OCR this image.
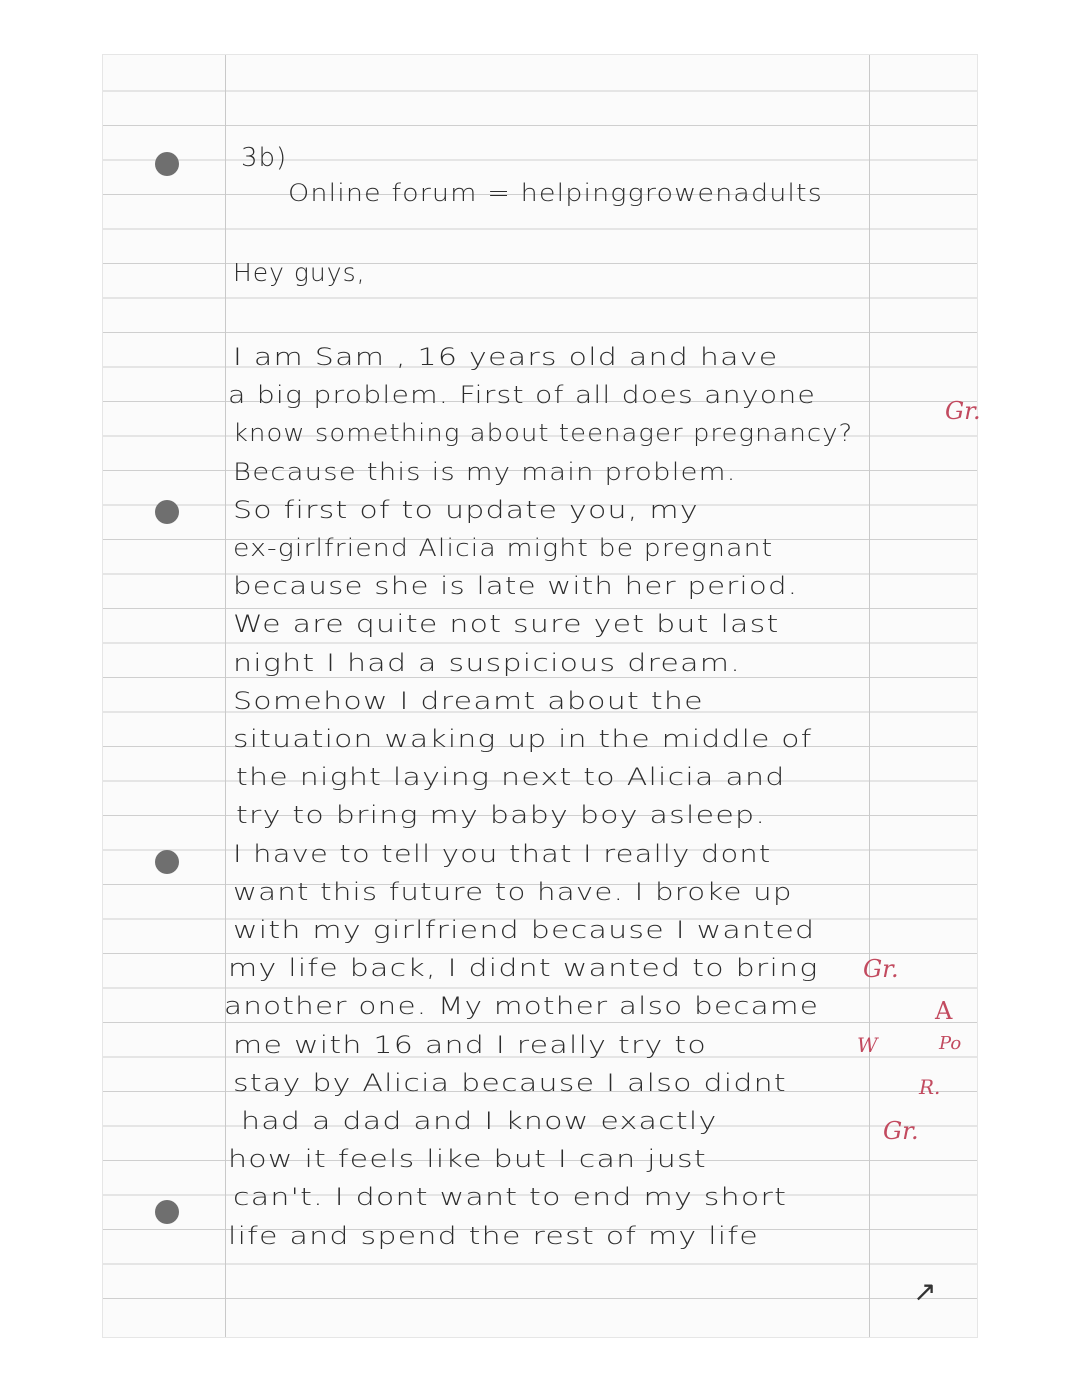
3b)
Online forum = helpinggrowenadults
Hey guys,
I am Sam , 16 years old and have
a big problem. First of all does anyone
know something about teenager pregnancy?
Because this is my main problem.
So first of to update you, my
ex-girlfriend Alicia might be pregnant
because she is late with her period.
We are quite not sure yet but last
night I had a suspicious dream.
Somehow I dreamt about the
situation waking up in the middle of
the night laying next to Alicia and
try to bring my baby boy asleep.
I have to tell you that I really dont
want this future to have. I broke up
with my girlfriend because I wanted
my life back, I didnt wanted to bring
another one. My mother also became
me with 16 and I really try to
stay by Alicia because I also didnt
had a dad and I know exactly
how it feels like but I can just
can't. I dont want to end my short
life and spend the rest of my life
Gr.
Gr.
A
W	Po
R.
Gr.
↗
